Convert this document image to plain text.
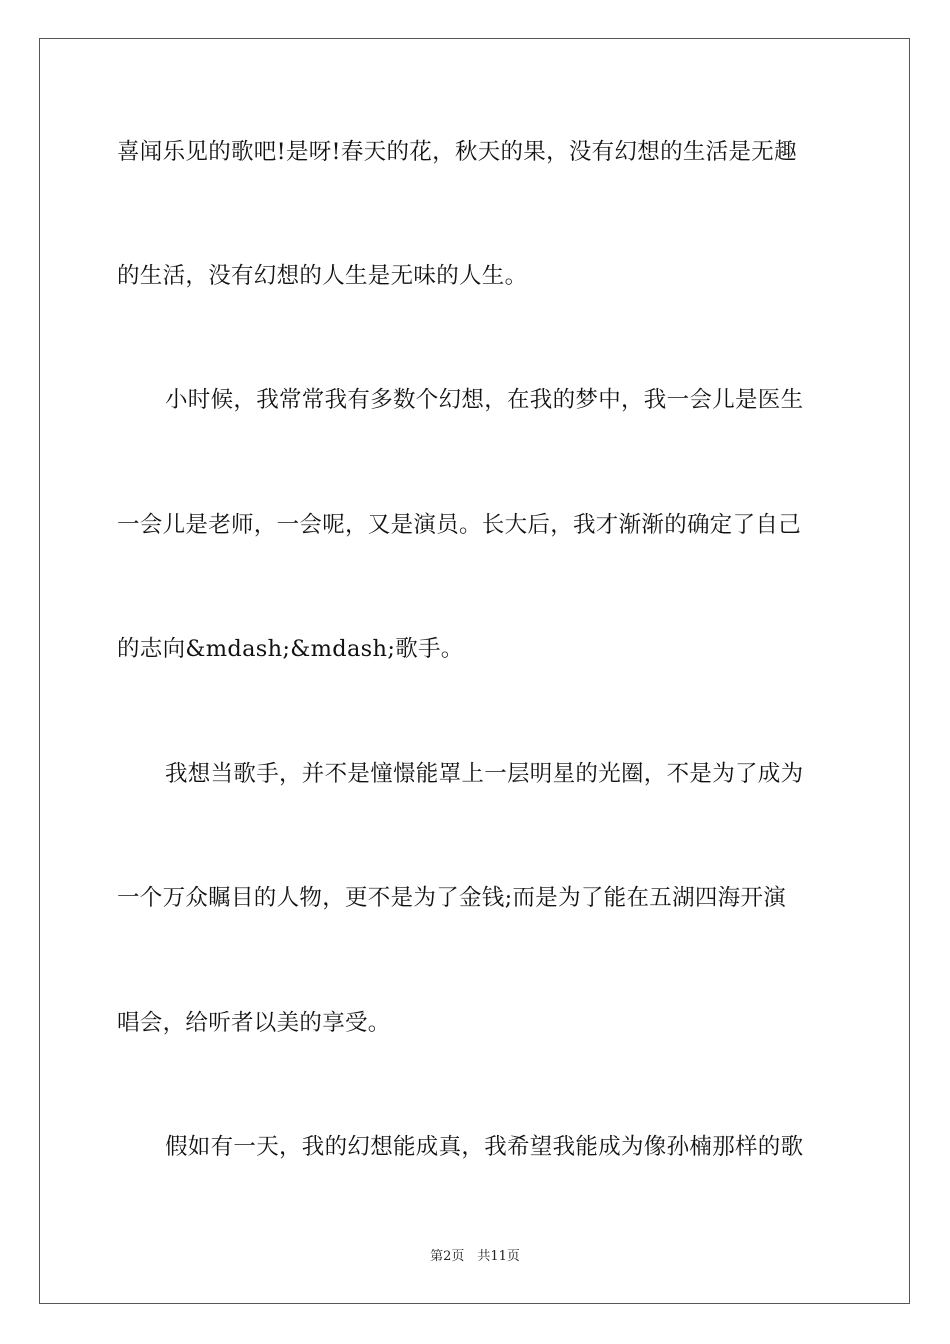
喜闻乐见的歌吧!是呀!春天的花，秋天的果，没有幻想的生活是无趣
的生活，没有幻想的人生是无味的人生。
小时候，我常常我有多数个幻想，在我的梦中，我一会儿是医生
一会儿是老师，一会呢，又是演员。长大后，我才渐渐的确定了自己
的志向&mdash;&mdash;歌手。
我想当歌手，并不是憧憬能罩上一层明星的光圈，不是为了成为
一个万众瞩目的人物，更不是为了金钱;而是为了能在五湖四海开演
唱会，给听者以美的享受。
假如有一天，我的幻想能成真，我希望我能成为像孙楠那样的歌
第2页　共11页
